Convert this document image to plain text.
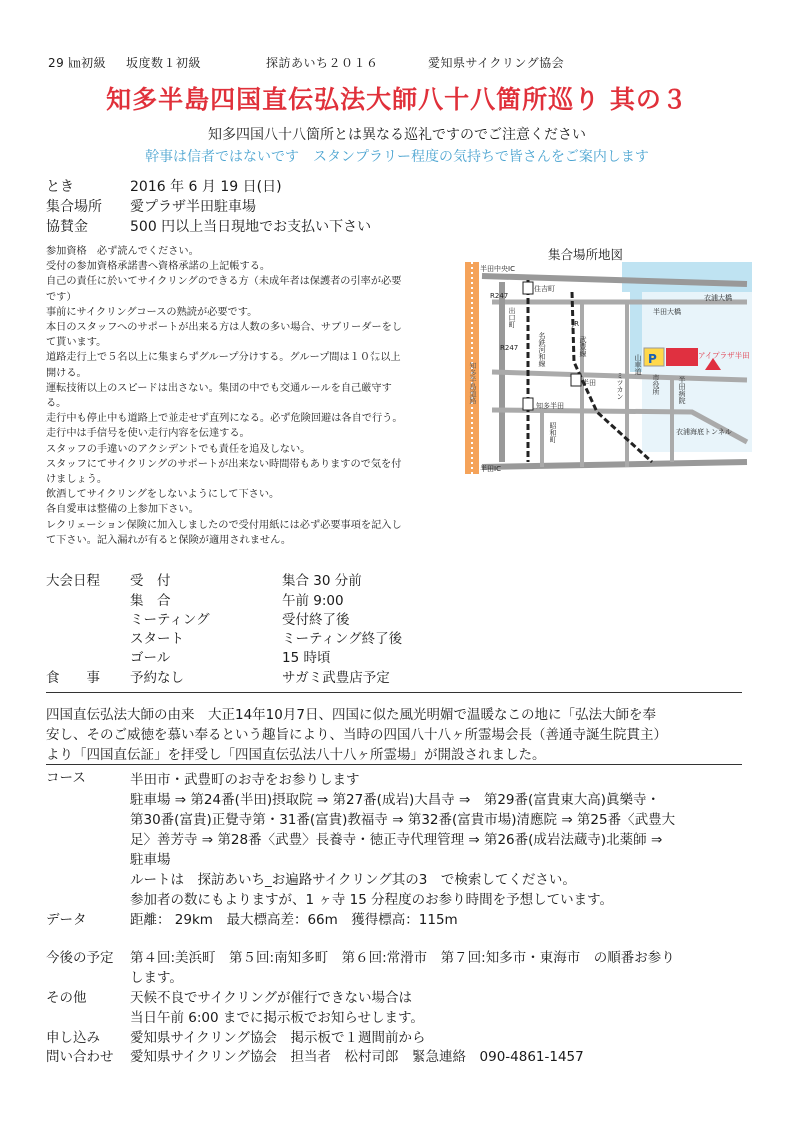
29 ㎞初級 坂度数１初級	探訪あいち２０１６	愛知県サイクリング協会
知多半島四国直伝弘法大師八十八箇所巡り 其の３
知多四国八十八箇所とは異なる巡礼ですのでご注意ください
幹事は信者ではないです　スタンプラリー程度の気持ちで皆さんをご案内します
とき	2016 年 6 月 19 日(日)
集合場所 愛プラザ半田駐車場
協賛金	500 円以上当日現地でお支払い下さい
参加資格　必ず読んでください。
受付の参加資格承諾書へ資格承諾の上記帳する。
自己の責任に於いてサイクリングのできる方（未成年者は保護者の引率が必要
です）
事前にサイクリングコースの熟読が必要です。
本日のスタッフへのサポートが出来る方は人数の多い場合、サブリーダーをし
て貰います。
道路走行上で５名以上に集まらずグループ分けする。グループ間は１０㍍以上
開ける。
運転技術以上のスピードは出さない。集団の中でも交通ルールを自己厳守す
る。
走行中も停止中も道路上で並走せず直列になる。必ず危険回避は各自で行う。
走行中は手信号を使い走行内容を伝達する。
スタッフの手違いのアクシデントでも責任を追及しない。
スタッフにてサイクリングのサポートが出来ない時間帯もありますので気を付
けましょう。
飲酒してサイクリングをしないようにして下さい。
各自愛車は整備の上参加下さい。
レクリェーション保険に加入しましたので受付用紙には必ず必要事項を記入し
て下さい。記入漏れが有ると保険が適用されません。
集合場所地図
半田中央IC
半田IC
住吉町
R247
R247
半田大橋
衣浦大橋
半田
知多半田
衣浦海底トンネル
アイプラザ半田
知多半島道路
出口町
名鉄河和線
JR
武豊線
昭和町
ミツカン	市役所	半田病院
山車道 P
大会日程 受　付	集合 30 分前
集　合	午前 9:00
ミーティング	受付終了後
スタート	ミーティング終了後
ゴール	15 時頃
食　　事 予約なし	サガミ武豊店予定
四国直伝弘法大師の由来　大正14年10月7日、四国に似た風光明媚で温暖なこの地に「弘法大師を奉
安し、そのご威徳を慕い奉るという趣旨により、当時の四国八十八ヶ所霊場会長（善通寺誕生院貫主）
より「四国直伝証」を拝受し「四国直伝弘法八十八ヶ所霊場」が開設されました。
コース	半田市・武豊町のお寺をお参りします
駐車場 ⇒ 第24番(半田)摂取院 ⇒ 第27番(成岩)大昌寺 ⇒　第29番(富貴東大高)眞樂寺・
第30番(富貴)正覺寺第・31番(富貴)教福寺 ⇒ 第32番(富貴市場)清應院 ⇒ 第25番〈武豊大
足〉善芳寺 ⇒ 第28番〈武豊〉長養寺・徳正寺代理管理 ⇒ 第26番(成岩法蔵寺)北薬師 ⇒
駐車場
ルートは　探訪あいち_お遍路サイクリング其の3　で検索してください。
参加者の数にもよりますが、1 ヶ寺 15 分程度のお参り時間を予想しています。
データ	距離： 29km　最大標高差：66m　獲得標高：115m
今後の予定 第４回:美浜町　第５回:南知多町　第６回:常滑市　第７回:知多市・東海市　の順番お参り
します。
その他	天候不良でサイクリングが催行できない場合は
当日午前 6:00 までに掲示板でお知らせします。
申し込み 愛知県サイクリング協会　掲示板で１週間前から
問い合わせ 愛知県サイクリング協会　担当者　松村司郎　緊急連絡　090-4861-1457
